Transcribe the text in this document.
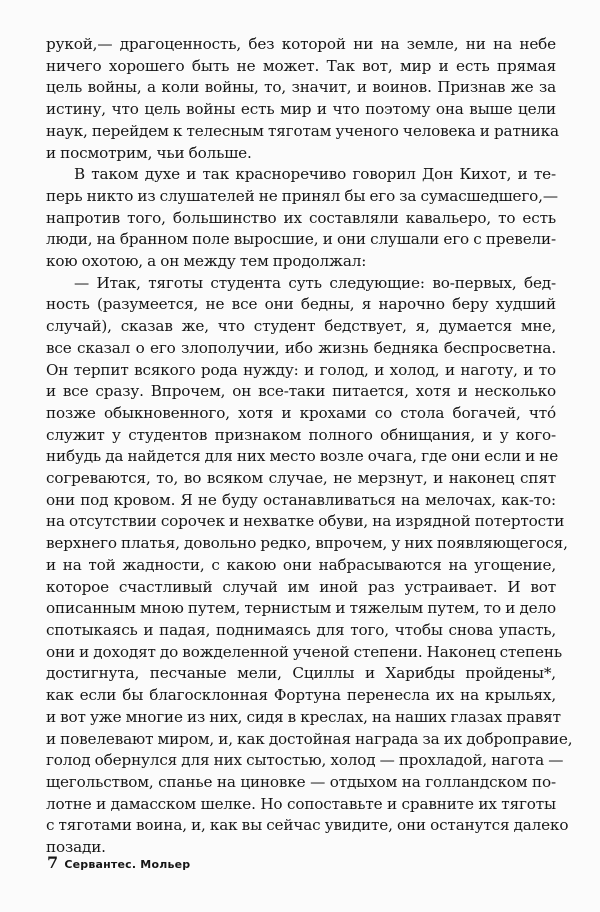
рукой,— драгоценность, без которой ни на земле, ни на небе
ничего хорошего быть не может. Так вот, мир и есть прямая
цель войны, а коли войны, то, значит, и воинов. Признав же за
истину, что цель войны есть мир и что поэтому она выше цели
наук, перейдем к телесным тяготам ученого человека и ратника
и посмотрим, чьи больше.
В таком духе и так красноречиво говорил Дон Кихот, и те-
перь никто из слушателей не принял бы его за сумасшедшего,—
напротив того, большинство их составляли кавальеро, то есть
люди, на бранном поле выросшие, и они слушали его с превели-
кою охотою, а он между тем продолжал:
— Итак, тяготы студента суть следующие: во-первых, бед-
ность (разумеется, не все они бедны, я нарочно беру худший
случай), сказав же, что студент бедствует, я, думается мне,
все сказал о его злополучии, ибо жизнь бедняка беспросветна.
Он терпит всякого рода нужду: и голод, и холод, и наготу, и то
и все сразу. Впрочем, он все-таки питается, хотя и несколько
позже обыкновенного, хотя и крохами со стола богачей, что́
служит у студентов признаком полного обнищания, и у кого-
нибудь да найдется для них место возле очага, где они если и не
согреваются, то, во всяком случае, не мерзнут, и наконец спят
они под кровом. Я не буду останавливаться на мелочах, как-то:
на отсутствии сорочек и нехватке обуви, на изрядной потертости
верхнего платья, довольно редко, впрочем, у них появляющегося,
и на той жадности, с какою они набрасываются на угощение,
которое счастливый случай им иной раз устраивает. И вот
описанным мною путем, тернистым и тяжелым путем, то и дело
спотыкаясь и падая, поднимаясь для того, чтобы снова упасть,
они и доходят до вожделенной ученой степени. Наконец степень
достигнута, песчаные мели, Сциллы и Харибды пройдены*,
как если бы благосклонная Фортуна перенесла их на крыльях,
и вот уже многие из них, сидя в креслах, на наших глазах правят
и повелевают миром, и, как достойная награда за их доброправие,
голод обернулся для них сытостью, холод — прохладой, нагота —
щегольством, спанье на циновке — отдыхом на голландском по-
лотне и дамасском шелке. Но сопоставьте и сравните их тяготы
с тяготами воина, и, как вы сейчас увидите, они останутся далеко
позади.
7 Сервантес. Мольер
